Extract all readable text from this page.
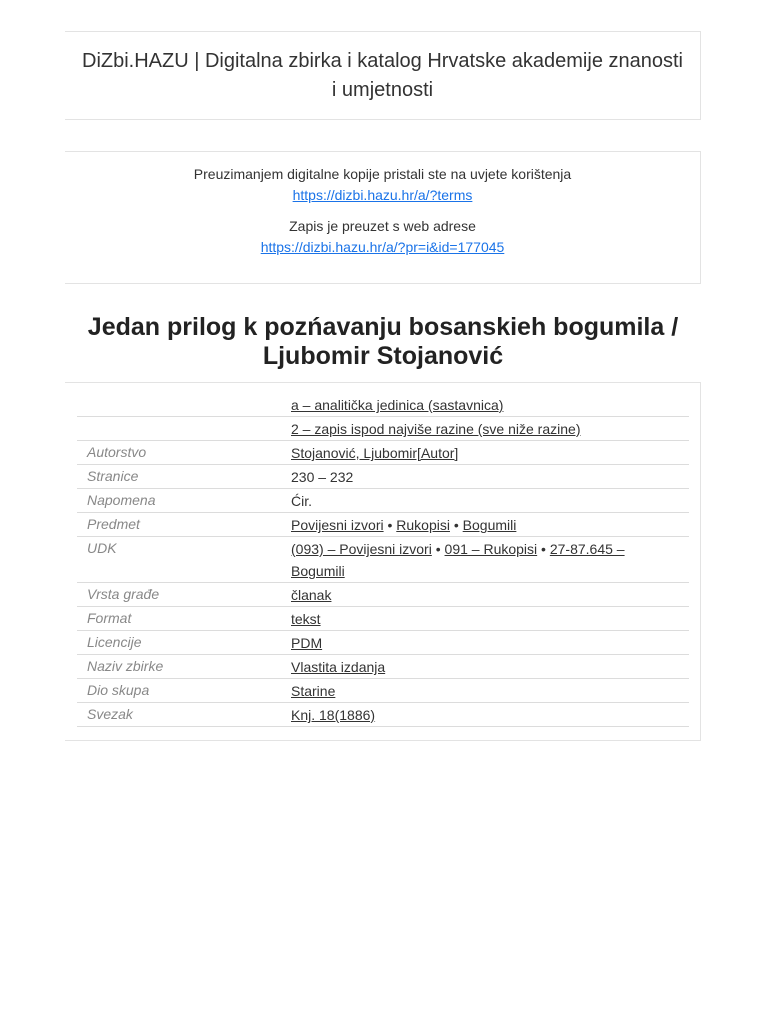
DiZbi.HAZU | Digitalna zbirka i katalog Hrvatske akademije znanosti i umjetnosti

Preuzimanjem digitalne kopije pristali ste na uvjete korištenja
https://dizbi.hazu.hr/a/?terms

Zapis je preuzet s web adrese
https://dizbi.hazu.hr/a/?pr=i&id=177045

Jedan prilog k pozńavanju bosanskieh bogumila / Ljubomir Stojanović
	a – analitička jedinica (sastavnica)
	2 – zapis ispod najviše razine (sve niže razine)
Autorstvo	Stojanović, Ljubomir[Autor]
Stranice	230 – 232
Napomena	Ćir.
Predmet	Povijesni izvori • Rukopisi • Bogumili
UDK	(093) – Povijesni izvori • 091 – Rukopisi • 27-87.645 – Bogumili
Vrsta građe	članak
Format	tekst
Licencije	PDM
Naziv zbirke	Vlastita izdanja
Dio skupa	Starine
Svezak	Knj. 18(1886)
